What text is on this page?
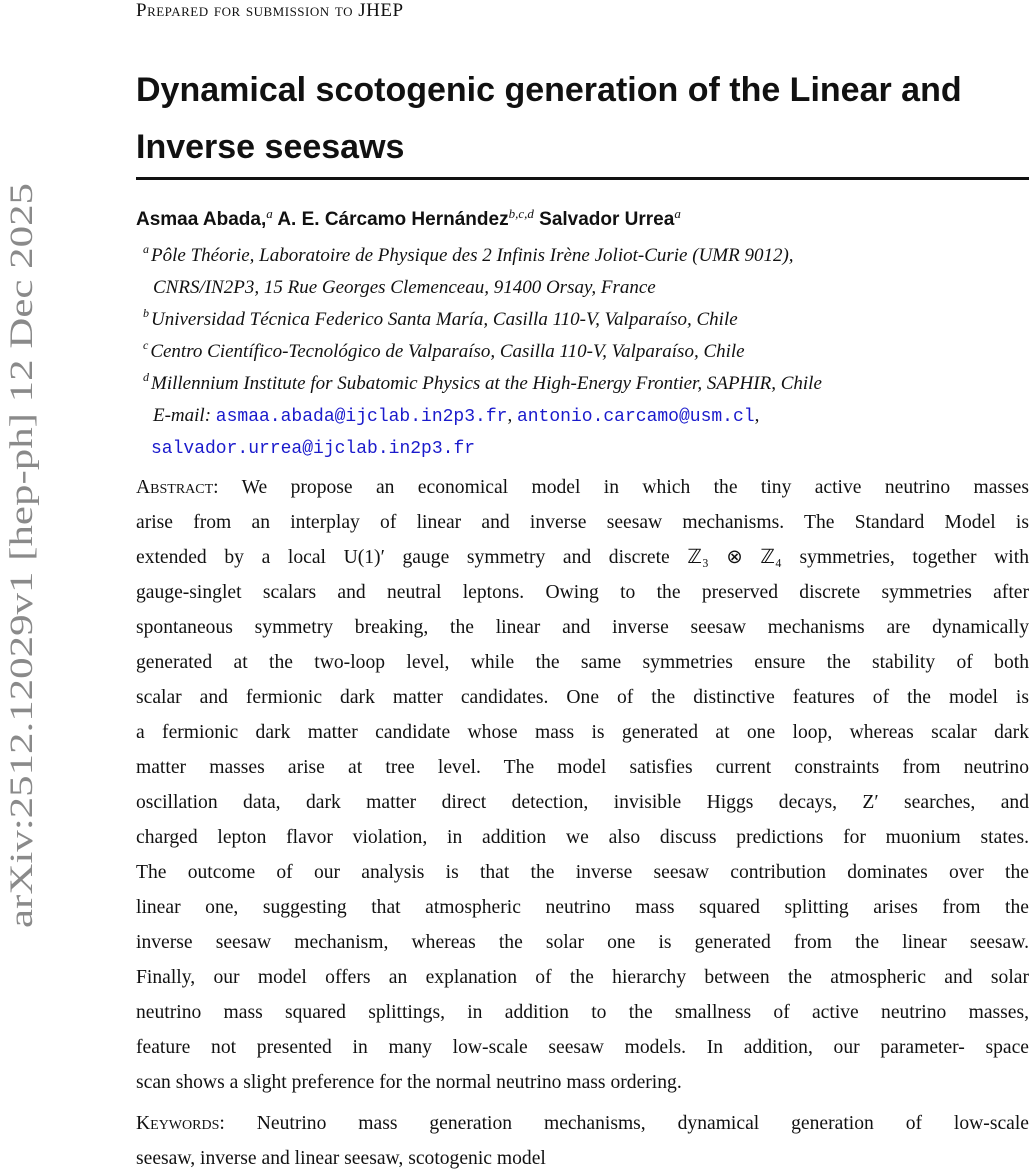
arXiv:2512.12029v1 [hep-ph] 12 Dec 2025
Prepared for submission to JHEP
Dynamical scotogenic generation of the Linear and
Inverse seesaws
Asmaa Abada,$^a$ A. E. Cárcamo Hernández$^{b,c,d}$ Salvador Urrea$^a$
$^a$ Pôle Théorie, Laboratoire de Physique des 2 Infinis Irène Joliot-Curie (UMR 9012),
CNRS/IN2P3, 15 Rue Georges Clemenceau, 91400 Orsay, France
$^b$ Universidad Técnica Federico Santa María, Casilla 110-V, Valparaíso, Chile
$^c$ Centro Científico-Tecnológico de Valparaíso, Casilla 110-V, Valparaíso, Chile
$^d$ Millennium Institute for Subatomic Physics at the High-Energy Frontier, SAPHIR, Chile
E-mail: asmaa.abada@ijclab.in2p3.fr, antonio.carcamo@usm.cl,
salvador.urrea@ijclab.in2p3.fr
Abstract: We propose an economical model in which the tiny active neutrino masses
arise from an interplay of linear and inverse seesaw mechanisms. The Standard Model is
extended by a local U(1)′ gauge symmetry and discrete ℤ₃ ⊗ ℤ₄ symmetries, together with
gauge-singlet scalars and neutral leptons. Owing to the preserved discrete symmetries after
spontaneous symmetry breaking, the linear and inverse seesaw mechanisms are dynamically
generated at the two-loop level, while the same symmetries ensure the stability of both
scalar and fermionic dark matter candidates. One of the distinctive features of the model is
a fermionic dark matter candidate whose mass is generated at one loop, whereas scalar dark
matter masses arise at tree level. The model satisfies current constraints from neutrino
oscillation data, dark matter direct detection, invisible Higgs decays, Z′ searches, and
charged lepton flavor violation, in addition we also discuss predictions for muonium states.
The outcome of our analysis is that the inverse seesaw contribution dominates over the
linear one, suggesting that atmospheric neutrino mass squared splitting arises from the
inverse seesaw mechanism, whereas the solar one is generated from the linear seesaw.
Finally, our model offers an explanation of the hierarchy between the atmospheric and solar
neutrino mass squared splittings, in addition to the smallness of active neutrino masses,
feature not presented in many low-scale seesaw models. In addition, our parameter- space
scan shows a slight preference for the normal neutrino mass ordering.
Keywords: Neutrino mass generation mechanisms, dynamical generation of low-scale
seesaw, inverse and linear seesaw, scotogenic model
